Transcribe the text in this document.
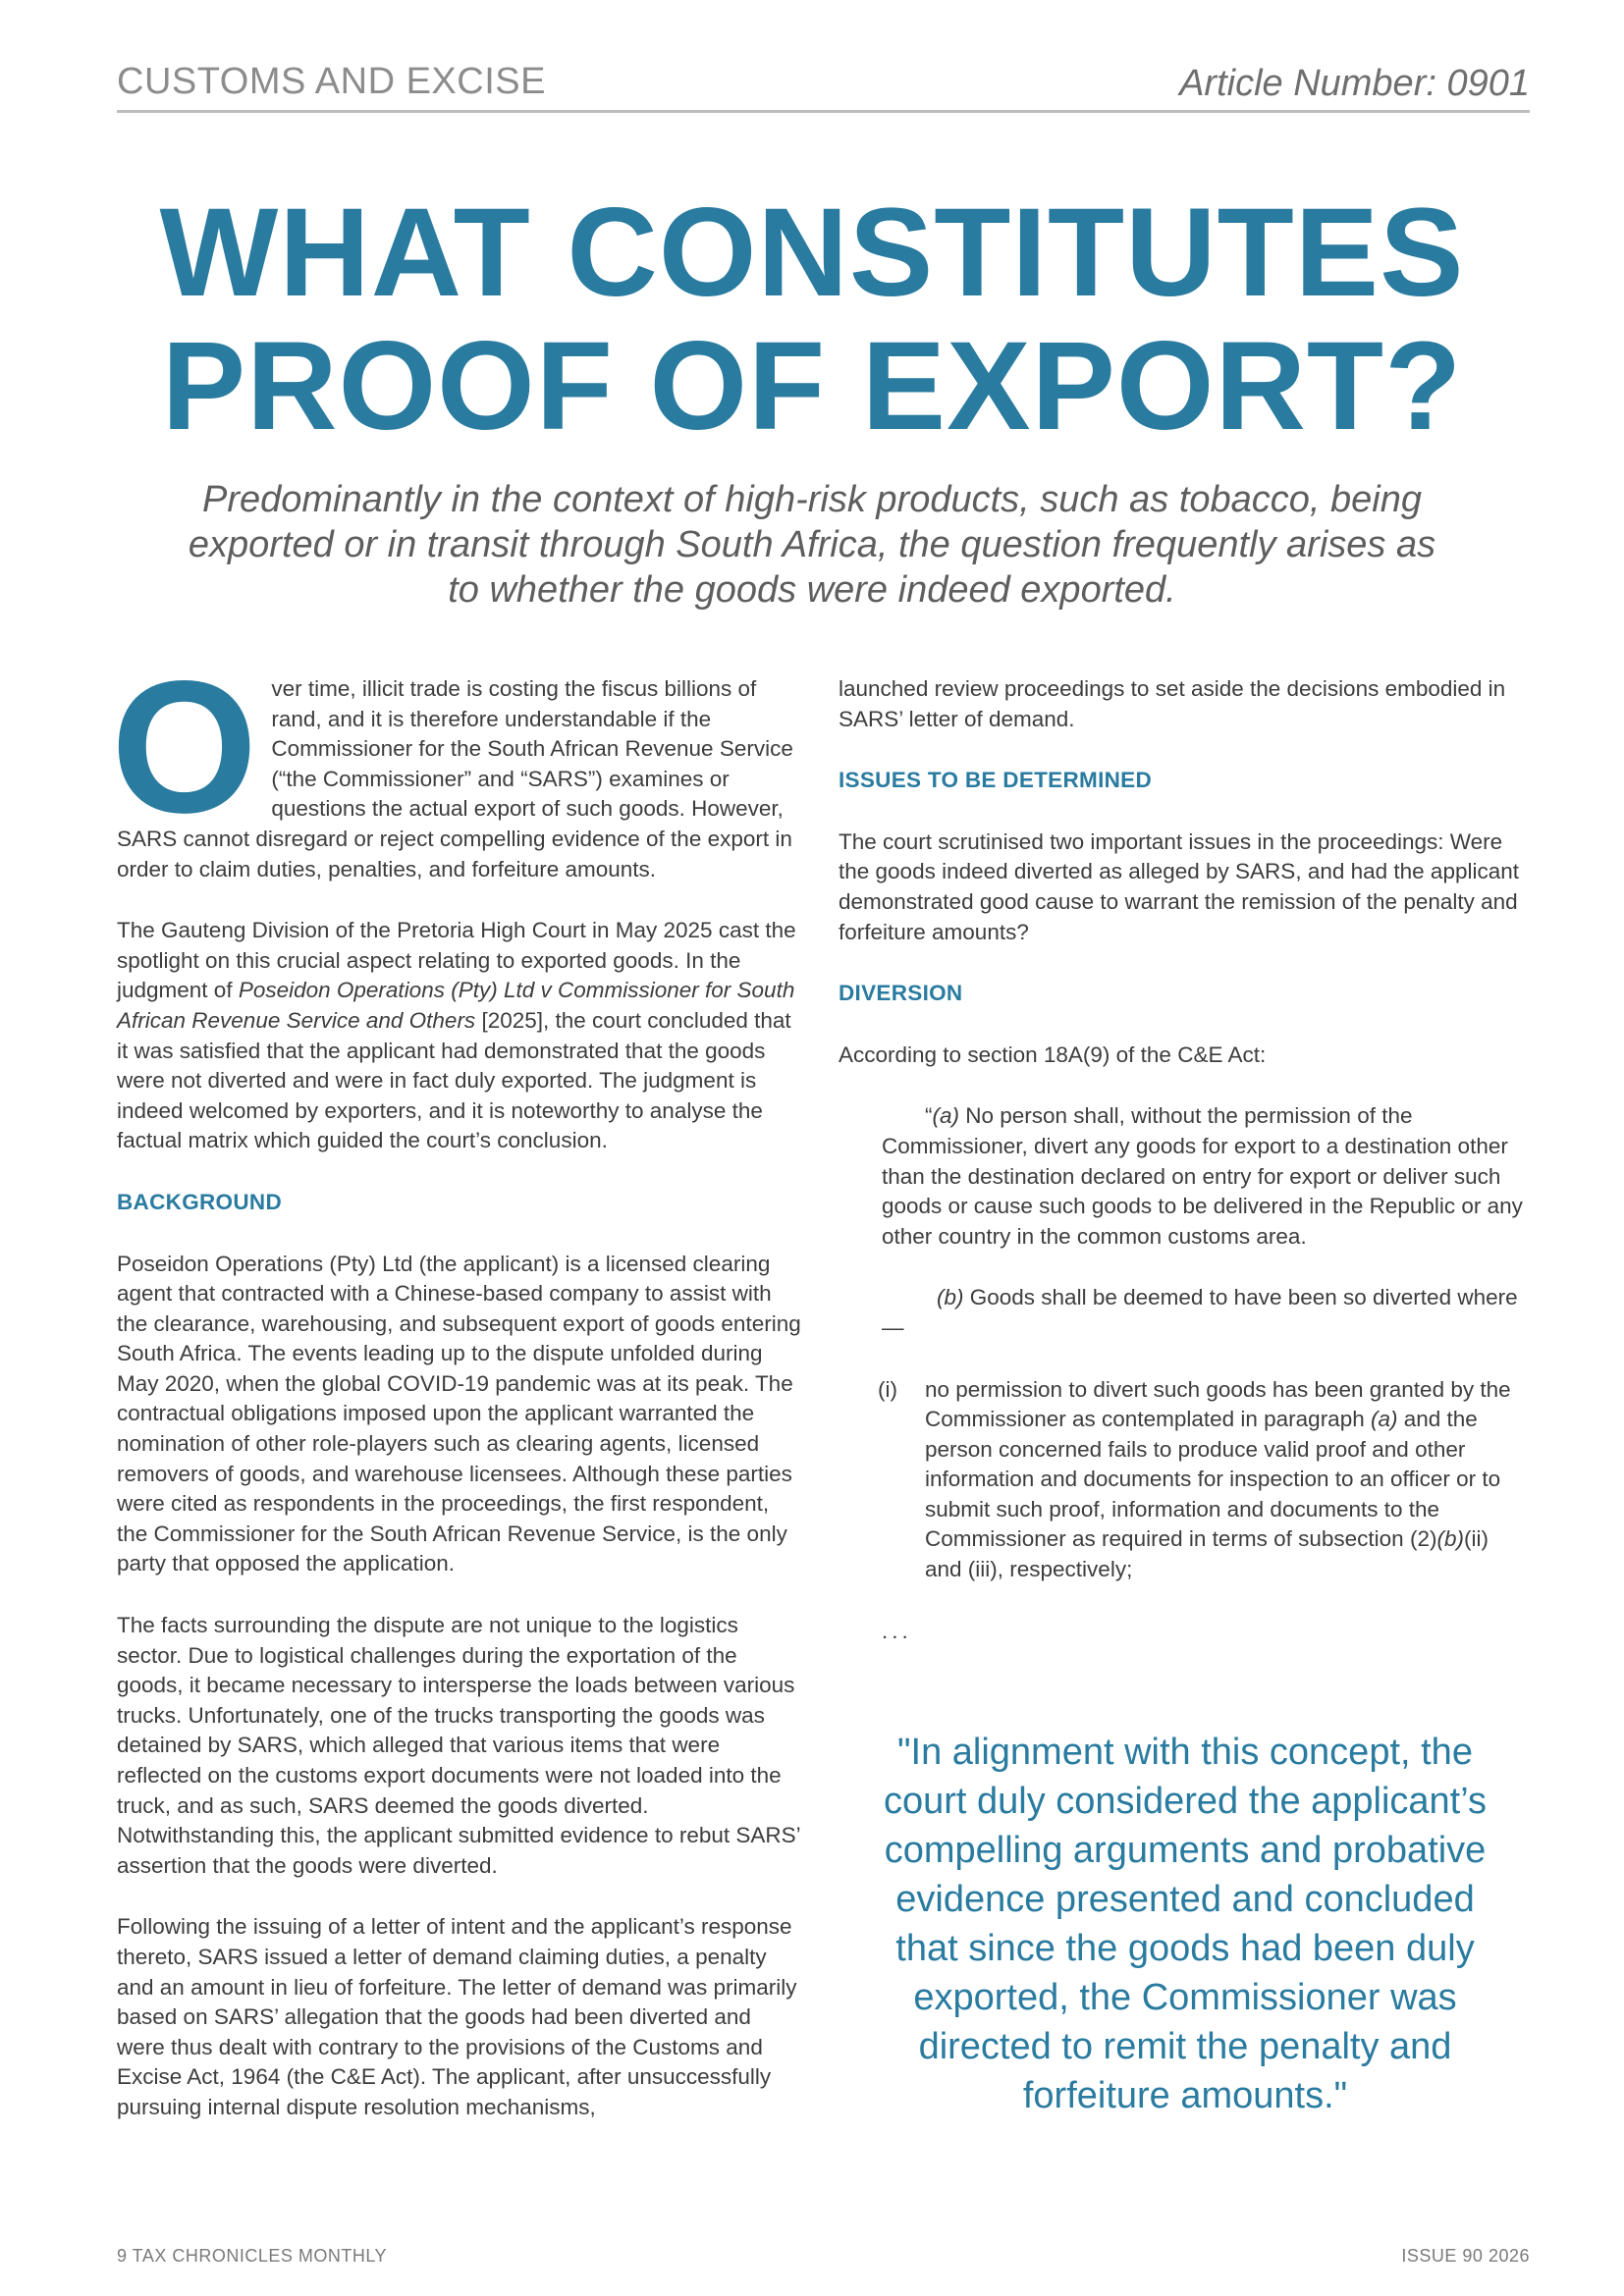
CUSTOMS AND EXCISE	Article Number: 0901
WHAT CONSTITUTES
PROOF OF EXPORT?

Predominantly in the context of high-risk products, such as tobacco, being exported or in transit through South Africa, the question frequently arises as to whether the goods were indeed exported.

Over time, illicit trade is costing the fiscus billions of rand, and it is therefore understandable if the Commissioner for the South African Revenue Service (“the Commissioner” and “SARS”) examines or questions the actual export of such goods. However, SARS cannot disregard or reject compelling evidence of the export in order to claim duties, penalties, and forfeiture amounts.

The Gauteng Division of the Pretoria High Court in May 2025 cast the spotlight on this crucial aspect relating to exported goods. In the judgment of Poseidon Operations (Pty) Ltd v Commissioner for South African Revenue Service and Others [2025], the court concluded that it was satisfied that the applicant had demonstrated that the goods were not diverted and were in fact duly exported. The judgment is indeed welcomed by exporters, and it is noteworthy to analyse the factual matrix which guided the court’s conclusion.

BACKGROUND

Poseidon Operations (Pty) Ltd (the applicant) is a licensed clearing agent that contracted with a Chinese-based company to assist with the clearance, warehousing, and subsequent export of goods entering South Africa. The events leading up to the dispute unfolded during May 2020, when the global COVID-19 pandemic was at its peak. The contractual obligations imposed upon the applicant warranted the nomination of other role-players such as clearing agents, licensed removers of goods, and warehouse licensees. Although these parties were cited as respondents in the proceedings, the first respondent, the Commissioner for the South African Revenue Service, is the only party that opposed the application.

The facts surrounding the dispute are not unique to the logistics sector. Due to logistical challenges during the exportation of the goods, it became necessary to intersperse the loads between various trucks. Unfortunately, one of the trucks transporting the goods was detained by SARS, which alleged that various items that were reflected on the customs export documents were not loaded into the truck, and as such, SARS deemed the goods diverted. Notwithstanding this, the applicant submitted evidence to rebut SARS’ assertion that the goods were diverted.

Following the issuing of a letter of intent and the applicant’s response thereto, SARS issued a letter of demand claiming duties, a penalty and an amount in lieu of forfeiture. The letter of demand was primarily based on SARS’ allegation that the goods had been diverted and were thus dealt with contrary to the provisions of the Customs and Excise Act, 1964 (the C&E Act). The applicant, after unsuccessfully pursuing internal dispute resolution mechanisms,

launched review proceedings to set aside the decisions embodied in SARS’ letter of demand.

ISSUES TO BE DETERMINED

The court scrutinised two important issues in the proceedings: Were the goods indeed diverted as alleged by SARS, and had the applicant demonstrated good cause to warrant the remission of the penalty and forfeiture amounts?

DIVERSION

According to section 18A(9) of the C&E Act:

“(a) No person shall, without the permission of the Commissioner, divert any goods for export to a destination other than the destination declared on entry for export or deliver such goods or cause such goods to be delivered in the Republic or any other country in the common customs area.

(b) Goods shall be deemed to have been so diverted where—

(i)	no permission to divert such goods has been granted by the Commissioner as contemplated in paragraph (a) and the person concerned fails to produce valid proof and other information and documents for inspection to an officer or to submit such proof, information and documents to the Commissioner as required in terms of subsection (2)(b)(ii) and (iii), respectively;
...

"In alignment with this concept, the court duly considered the applicant’s compelling arguments and probative evidence presented and concluded that since the goods had been duly exported, the Commissioner was directed to remit the penalty and forfeiture amounts."

9 TAX CHRONICLES MONTHLY	ISSUE 90 2026
